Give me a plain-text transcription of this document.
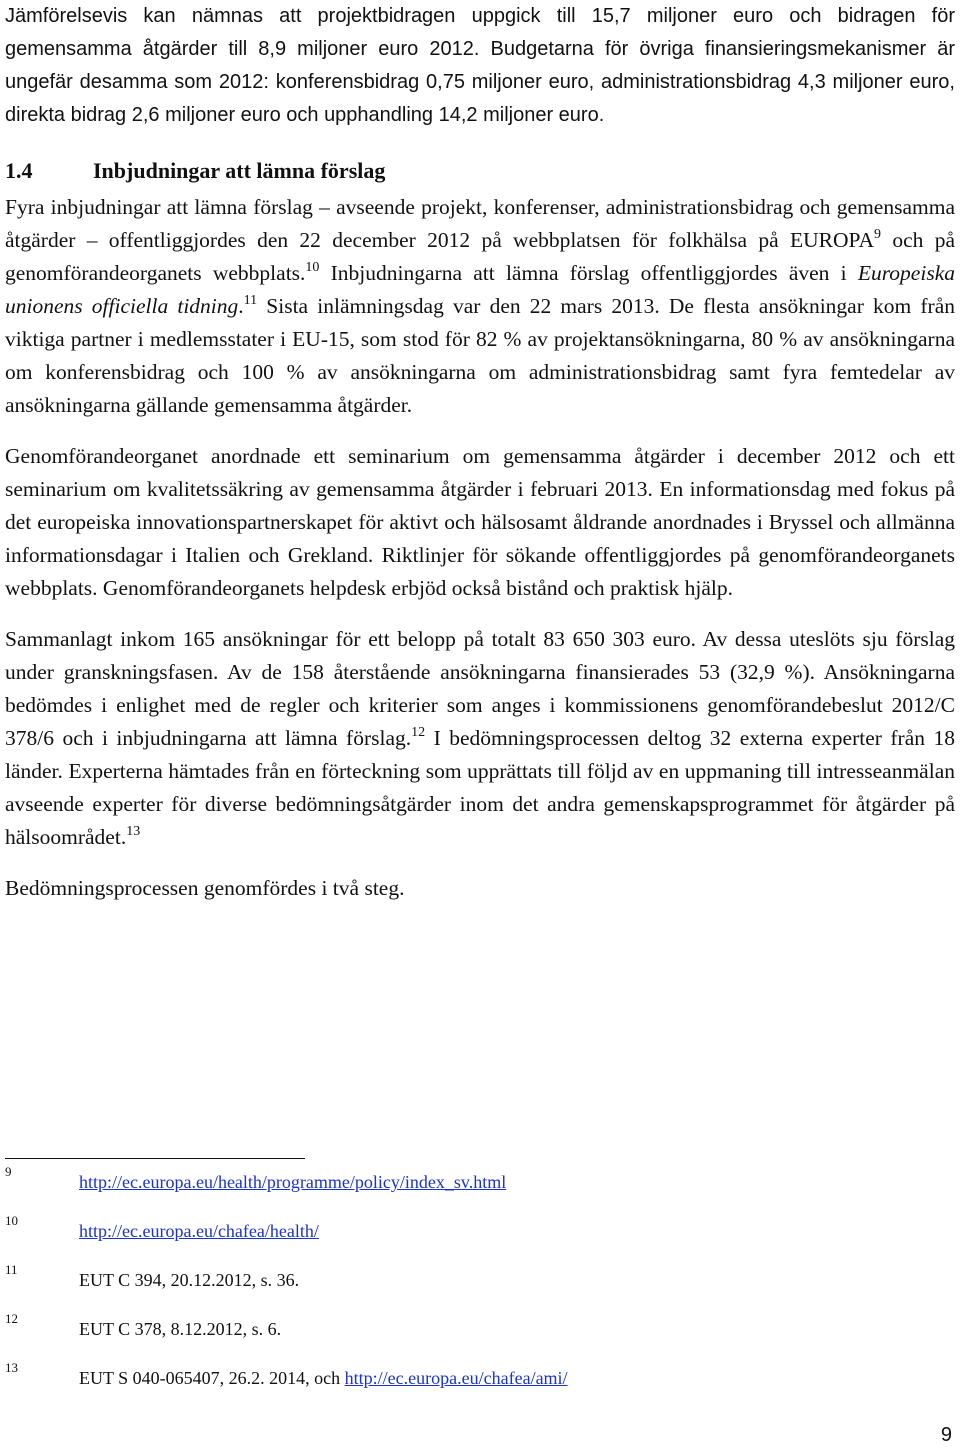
Jämförelsevis kan nämnas att projektbidragen uppgick till 15,7 miljoner euro och bidragen för gemensamma åtgärder till 8,9 miljoner euro 2012. Budgetarna för övriga finansieringsmekanismer är ungefär desamma som 2012: konferensbidrag 0,75 miljoner euro, administrationsbidrag 4,3 miljoner euro, direkta bidrag 2,6 miljoner euro och upphandling 14,2 miljoner euro.

1.4	Inbjudningar att lämna förslag

Fyra inbjudningar att lämna förslag – avseende projekt, konferenser, administrationsbidrag och gemensamma åtgärder – offentliggjordes den 22 december 2012 på webbplatsen för folkhälsa på EUROPA$^9$ och på genomförandeorganets webbplats.$^{10}$ Inbjudningarna att lämna förslag offentliggjordes även i Europeiska unionens officiella tidning.$^{11}$ Sista inlämningsdag var den 22 mars 2013. De flesta ansökningar kom från viktiga partner i medlemsstater i EU-15, som stod för 82 % av projektansökningarna, 80 % av ansökningarna om konferensbidrag och 100 % av ansökningarna om administrationsbidrag samt fyra femtedelar av ansökningarna gällande gemensamma åtgärder.

Genomförandeorganet anordnade ett seminarium om gemensamma åtgärder i december 2012 och ett seminarium om kvalitetssäkring av gemensamma åtgärder i februari 2013. En informationsdag med fokus på det europeiska innovationspartnerskapet för aktivt och hälsosamt åldrande anordnades i Bryssel och allmänna informationsdagar i Italien och Grekland. Riktlinjer för sökande offentliggjordes på genomförandeorganets webbplats. Genomförandeorganets helpdesk erbjöd också bistånd och praktisk hjälp.

Sammanlagt inkom 165 ansökningar för ett belopp på totalt 83 650 303 euro. Av dessa uteslöts sju förslag under granskningsfasen. Av de 158 återstående ansökningarna finansierades 53 (32,9 %). Ansökningarna bedömdes i enlighet med de regler och kriterier som anges i kommissionens genomförandebeslut 2012/C 378/6 och i inbjudningarna att lämna förslag.$^{12}$ I bedömningsprocessen deltog 32 externa experter från 18 länder. Experterna hämtades från en förteckning som upprättats till följd av en uppmaning till intresseanmälan avseende experter för diverse bedömningsåtgärder inom det andra gemenskapsprogrammet för åtgärder på hälsoområdet.$^{13}$

Bedömningsprocessen genomfördes i två steg.

9
http://ec.europa.eu/health/programme/policy/index_sv.html
10
http://ec.europa.eu/chafea/health/
11
EUT C 394, 20.12.2012, s. 36.
12
EUT C 378, 8.12.2012, s. 6.
13
EUT S 040-065407, 26.2. 2014, och http://ec.europa.eu/chafea/ami/
9
